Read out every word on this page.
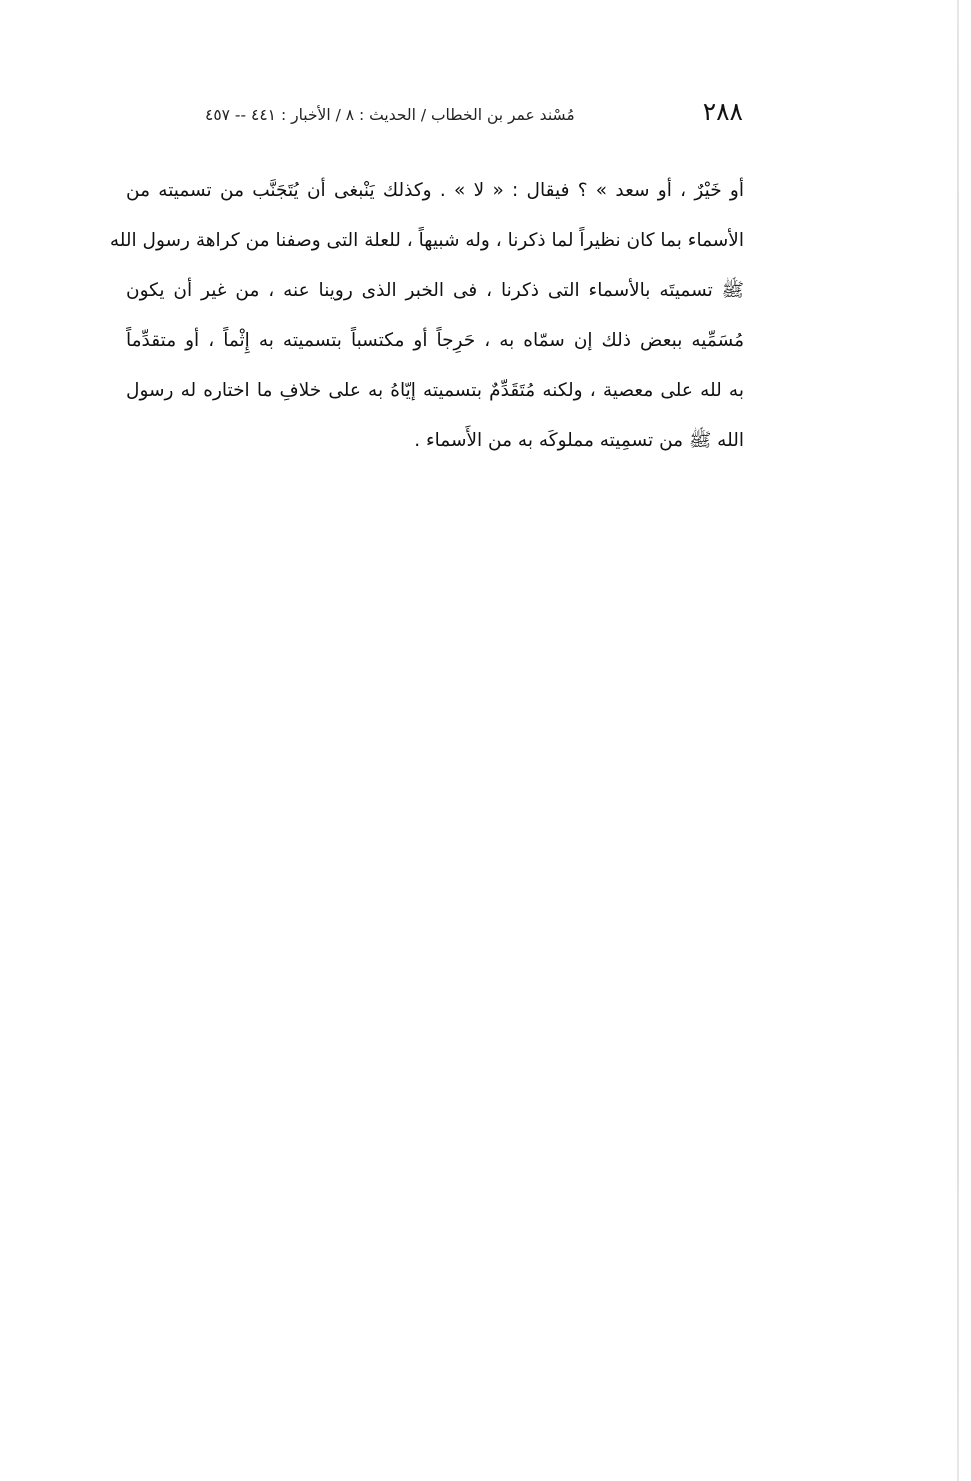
٢٨٨
مُسْند عمر بن الخطاب / الحديث : ٨ / الأخبار : ٤٤١ -- ٤٥٧
أو خَيْرٌ ، أو سعد » ؟ فيقال : « لا » . وكذلك يَنْبغى أن يُتَجَنَّب من تسميته من
الأسماء بما كان نظيراً لما ذكرنا ، وله شبيهاً ، للعلة التى وصفنا من كراهة رسول الله
ﷺ تسميتَه بالأسماء التى ذكرنا ، فى الخبر الذى روينا عنه ، من غير أن يكون
مُسَمِّيه ببعض ذلك إن سمّاه به ، حَرِجاً أو مكتسباً بتسميته به إِثْماً ، أو متقدِّماً
به لله على معصية ، ولكنه مُتَقَدِّمٌ بتسميته إيّاهُ به على خلافِ ما اختاره له رسول
الله ﷺ من تسمِيته مملوكَه به من الأَسماء .
